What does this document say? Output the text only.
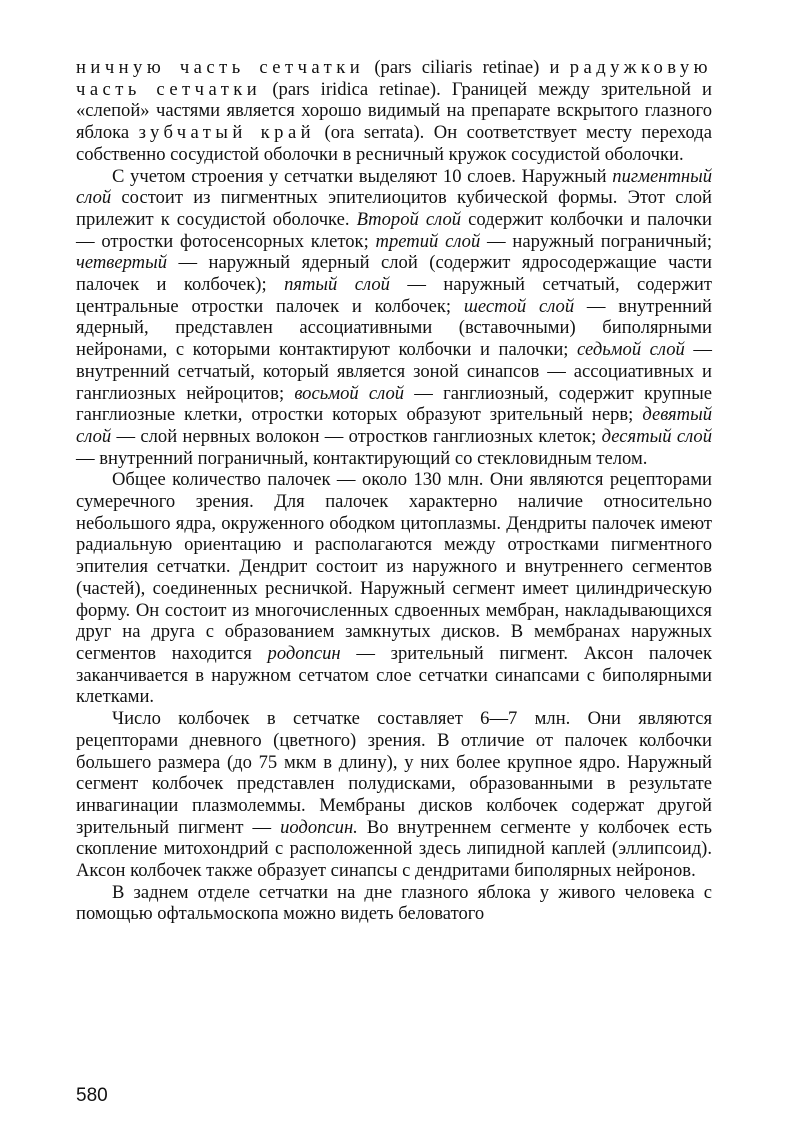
ничную часть сетчатки (pars ciliaris retinae) и радужковую часть сетчатки (pars iridica retinae). Границей между зрительной и «слепой» частями является хорошо видимый на препарате вскрытого глазного яблока зубчатый край (ora serrata). Он соответствует месту перехода собственно сосудистой оболочки в ресничный кружок сосудистой оболочки.

С учетом строения у сетчатки выделяют 10 слоев. Наружный пигментный слой состоит из пигментных эпителиоцитов кубической формы. Этот слой прилежит к сосудистой оболочке. Второй слой содержит колбочки и палочки — отростки фотосенсорных клеток; третий слой — наружный пограничный; четвертый — наружный ядерный слой (содержит ядросодержащие части палочек и колбочек); пятый слой — наружный сетчатый, содержит центральные отростки палочек и колбочек; шестой слой — внутренний ядерный, представлен ассоциативными (вставочными) биполярными нейронами, с которыми контактируют колбочки и палочки; седьмой слой — внутренний сетчатый, который является зоной синапсов — ассоциативных и ганглиозных нейроцитов; восьмой слой — ганглиозный, содержит крупные ганглиозные клетки, отростки которых образуют зрительный нерв; девятый слой — слой нервных волокон — отростков ганглиозных клеток; десятый слой — внутренний пограничный, контактирующий со стекловидным телом.

Общее количество палочек — около 130 млн. Они являются рецепторами сумеречного зрения. Для палочек характерно наличие относительно небольшого ядра, окруженного ободком цитоплазмы. Дендриты палочек имеют радиальную ориентацию и располагаются между отростками пигментного эпителия сетчатки. Дендрит состоит из наружного и внутреннего сегментов (частей), соединенных ресничкой. Наружный сегмент имеет цилиндрическую форму. Он состоит из многочисленных сдвоенных мембран, накладывающихся друг на друга с образованием замкнутых дисков. В мембранах наружных сегментов находится родопсин — зрительный пигмент. Аксон палочек заканчивается в наружном сетчатом слое сетчатки синапсами с биполярными клетками.

Число колбочек в сетчатке составляет 6—7 млн. Они являются рецепторами дневного (цветного) зрения. В отличие от палочек колбочки большего размера (до 75 мкм в длину), у них более крупное ядро. Наружный сегмент колбочек представлен полудисками, образованными в результате инвагинации плазмолеммы. Мембраны дисков колбочек содержат другой зрительный пигмент — иодопсин. Во внутреннем сегменте у колбочек есть скопление митохондрий с расположенной здесь липидной каплей (эллипсоид). Аксон колбочек также образует синапсы с дендритами биполярных нейронов.

В заднем отделе сетчатки на дне глазного яблока у живого человека с помощью офтальмоскопа можно видеть беловатого

580
